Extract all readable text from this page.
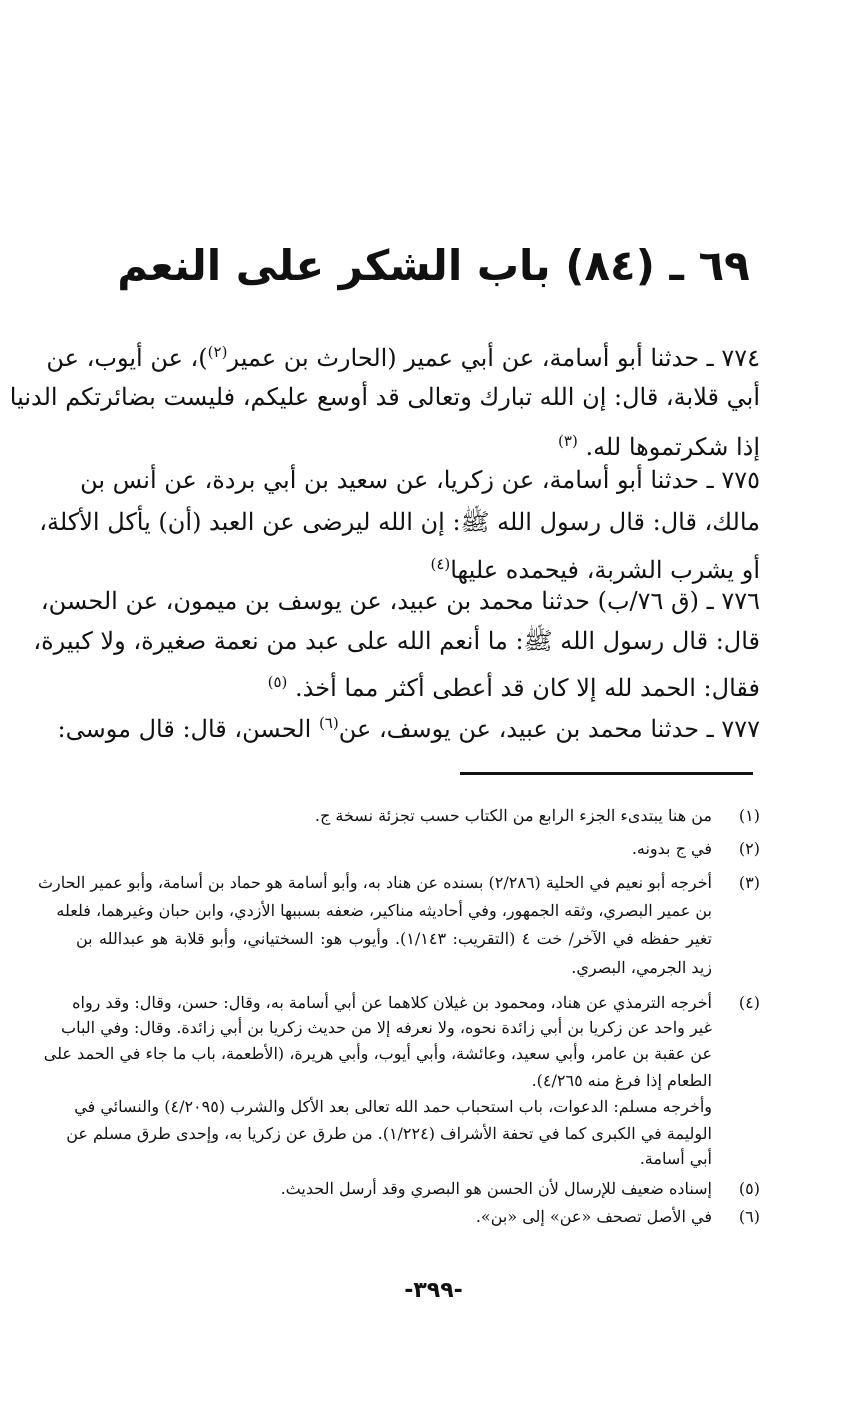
٦٩ ـ (٨٤) باب الشكر على النعم
٧٧٤ ـ حدثنا أبو أسامة، عن أبي عمير (الحارث بن عمير$^{(٢)}$)، عن أيوب، عن
أبي قلابة، قال: إن الله تبارك وتعالى قد أوسع عليكم، فليست بضائرتكم الدنيا
إذا شكرتموها لله. $^{(٣)}$
٧٧٥ ـ حدثنا أبو أسامة، عن زكريا، عن سعيد بن أبي بردة، عن أنس بن
مالك، قال: قال رسول الله ﷺ: إن الله ليرضى عن العبد (أن) يأكل الأكلة،
أو يشرب الشربة، فيحمده عليها$^{(٤)}$
٧٧٦ ـ (ق ٧٦/ب) حدثنا محمد بن عبيد، عن يوسف بن ميمون، عن الحسن،
قال: قال رسول الله ﷺ: ما أنعم الله على عبد من نعمة صغيرة، ولا كبيرة،
فقال: الحمد لله إلا كان قد أعطى أكثر مما أخذ. $^{(٥)}$
٧٧٧ ـ حدثنا محمد بن عبيد، عن يوسف، عن$^{(٦)}$ الحسن، قال: قال موسى:
(١)
من هنا يبتدىء الجزء الرابع من الكتاب حسب تجزئة نسخة ج.
(٢)
في ج بدونه.
(٣)
أخرجه أبو نعيم في الحلية (٢/٢٨٦) بسنده عن هناد به، وأبو أسامة هو حماد بن أسامة، وأبو عمير الحارث
بن عمير البصري، وثقه الجمهور، وفي أحاديثه مناكير، ضعفه بسببها الأزدي، وابن حبان وغيرهما، فلعله
تغير حفظه في الآخر/ خت ٤ (التقريب: ١/١٤٣). وأيوب هو: السختياني، وأبو قلابة هو عبدالله بن
زيد الجرمي، البصري.
(٤)
أخرجه الترمذي عن هناد، ومحمود بن غيلان كلاهما عن أبي أسامة به، وقال: حسن، وقال: وقد رواه
غير واحد عن زكريا بن أبي زائدة نحوه، ولا نعرفه إلا من حديث زكريا بن أبي زائدة. وقال: وفي الباب
عن عقبة بن عامر، وأبي سعيد، وعائشة، وأبي أيوب، وأبي هريرة، (الأطعمة، باب ما جاء في الحمد على
الطعام إذا فرغ منه ٤/٢٦٥).
وأخرجه مسلم: الدعوات، باب استحباب حمد الله تعالى بعد الأكل والشرب (٤/٢٠٩٥) والنسائي في
الوليمة في الكبرى كما في تحفة الأشراف (١/٢٢٤). من طرق عن زكريا به، وإحدى طرق مسلم عن
أبي أسامة.
(٥)
إسناده ضعيف للإرسال لأن الحسن هو البصري وقد أرسل الحديث.
(٦)
في الأصل تصحف «عن» إلى «بن».
-٣٩٩-
